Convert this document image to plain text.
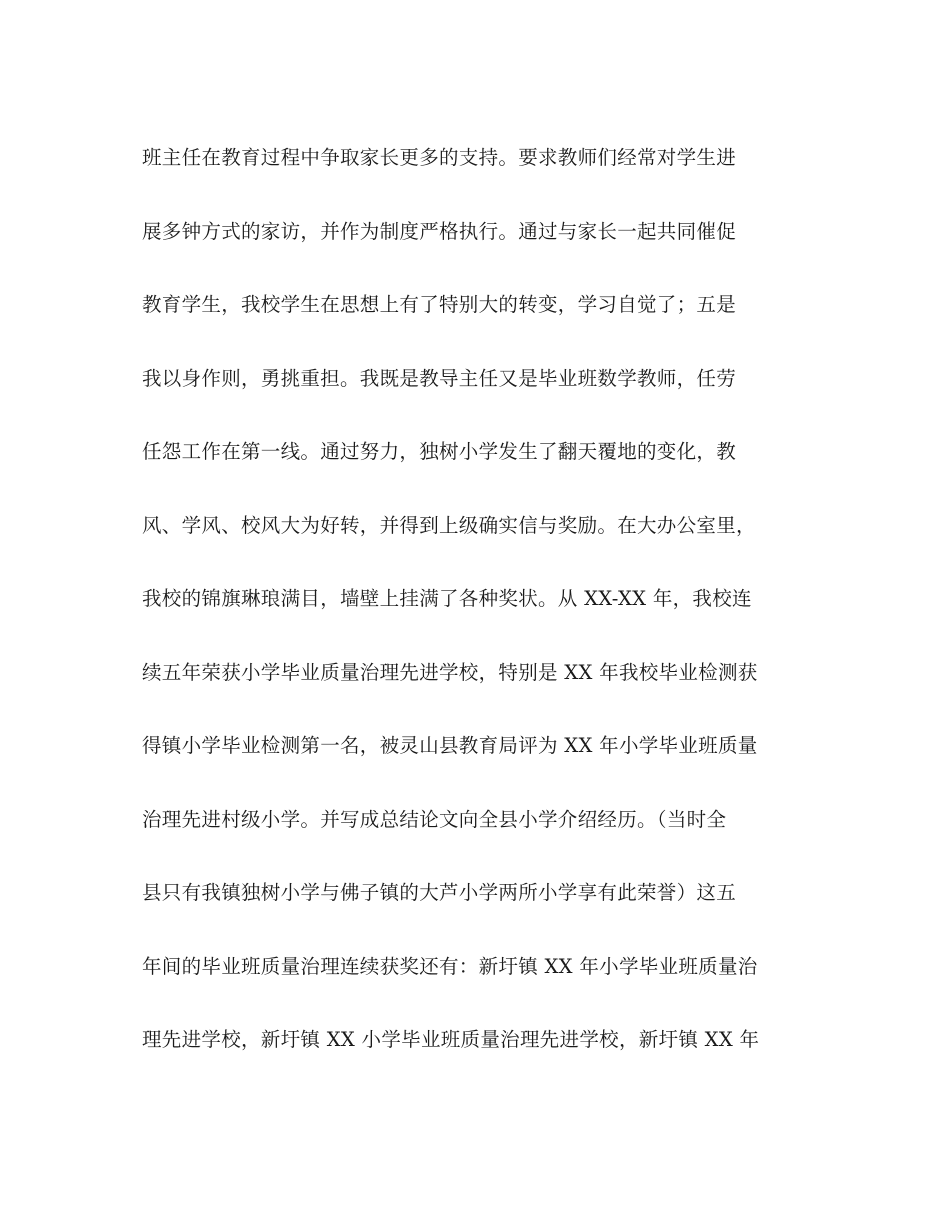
班主任在教育过程中争取家长更多的支持。要求教师们经常对学生进
展多钟方式的家访，并作为制度严格执行。通过与家长一起共同催促
教育学生，我校学生在思想上有了特别大的转变，学习自觉了；五是
我以身作则，勇挑重担。我既是教导主任又是毕业班数学教师，任劳
任怨工作在第一线。通过努力，独树小学发生了翻天覆地的变化，教
风、学风、校风大为好转，并得到上级确实信与奖励。在大办公室里，
我校的锦旗琳琅满目，墙壁上挂满了各种奖状。从 XX-XX 年，我校连
续五年荣获小学毕业质量治理先进学校，特别是 XX 年我校毕业检测获
得镇小学毕业检测第一名，被灵山县教育局评为 XX 年小学毕业班质量
治理先进村级小学。并写成总结论文向全县小学介绍经历。（当时全
县只有我镇独树小学与佛子镇的大芦小学两所小学享有此荣誉）这五
年间的毕业班质量治理连续获奖还有：新圩镇 XX 年小学毕业班质量治
理先进学校，新圩镇 XX 小学毕业班质量治理先进学校，新圩镇 XX 年
